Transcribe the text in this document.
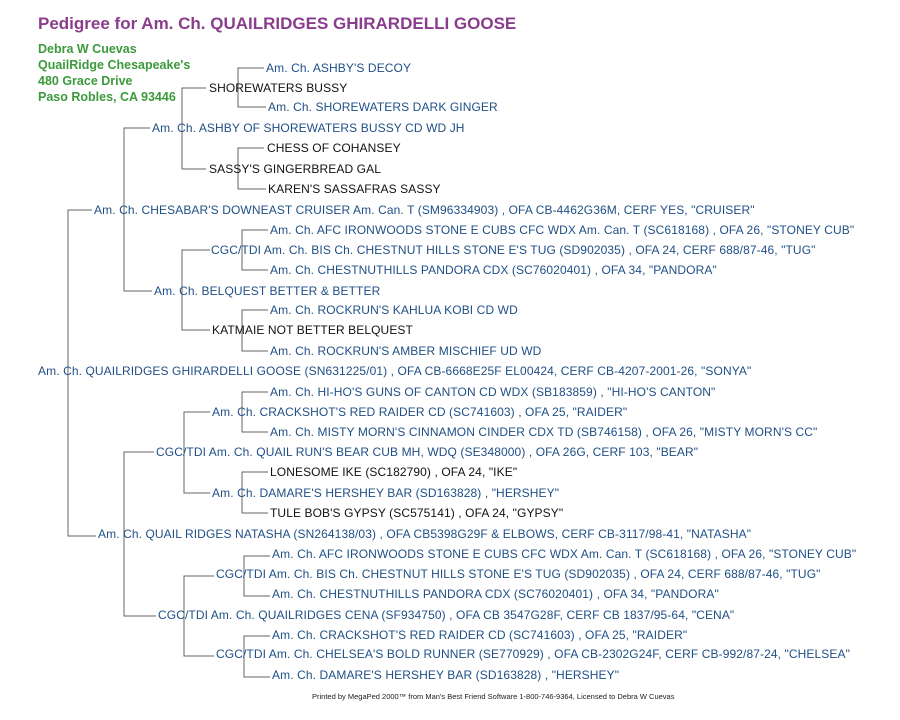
Pedigree for Am. Ch. QUAILRIDGES GHIRARDELLI GOOSE
Debra W Cuevas
QuailRidge Chesapeake's
480 Grace Drive
Paso Robles, CA 93446
Am. Ch. ASHBY'S DECOY
SHOREWATERS BUSSY
Am. Ch. SHOREWATERS DARK GINGER
Am. Ch. ASHBY OF SHOREWATERS BUSSY CD WD JH
CHESS OF COHANSEY
SASSY'S GINGERBREAD GAL
KAREN'S SASSAFRAS SASSY
Am. Ch. CHESABAR'S DOWNEAST CRUISER Am. Can. T (SM96334903) , OFA CB-4462G36M, CERF YES, "CRUISER"
Am. Ch. AFC IRONWOODS STONE E CUBS CFC WDX Am. Can. T (SC618168) , OFA 26, "STONEY CUB"
CGC/TDI Am. Ch. BIS Ch. CHESTNUT HILLS STONE E'S TUG (SD902035) , OFA 24, CERF 688/87-46, "TUG"
Am. Ch. CHESTNUTHILLS PANDORA CDX (SC76020401) , OFA 34, "PANDORA"
Am. Ch. BELQUEST BETTER & BETTER
Am. Ch. ROCKRUN'S KAHLUA KOBI CD WD
KATMAIE NOT BETTER BELQUEST
Am. Ch. ROCKRUN'S AMBER MISCHIEF UD WD
Am. Ch. QUAILRIDGES GHIRARDELLI GOOSE (SN631225/01) , OFA CB-6668E25F EL00424, CERF CB-4207-2001-26, "SONYA"
Am. Ch. HI-HO'S GUNS OF CANTON CD WDX (SB183859) , "HI-HO'S CANTON"
Am. Ch. CRACKSHOT'S RED RAIDER CD (SC741603) , OFA 25, "RAIDER"
Am. Ch. MISTY MORN'S CINNAMON CINDER CDX TD (SB746158) , OFA 26, "MISTY MORN'S CC"
CGC/TDI Am. Ch. QUAIL RUN'S BEAR CUB MH, WDQ (SE348000) , OFA 26G, CERF 103, "BEAR"
LONESOME IKE (SC182790) , OFA 24, "IKE"
Am. Ch. DAMARE'S HERSHEY BAR (SD163828) , "HERSHEY"
TULE BOB'S GYPSY (SC575141) , OFA 24, "GYPSY"
Am. Ch. QUAIL RIDGES NATASHA (SN264138/03) , OFA CB5398G29F & ELBOWS, CERF CB-3117/98-41, "NATASHA"
Am. Ch. AFC IRONWOODS STONE E CUBS CFC WDX Am. Can. T (SC618168) , OFA 26, "STONEY CUB"
CGC/TDI Am. Ch. BIS Ch. CHESTNUT HILLS STONE E'S TUG (SD902035) , OFA 24, CERF 688/87-46, "TUG"
Am. Ch. CHESTNUTHILLS PANDORA CDX (SC76020401) , OFA 34, "PANDORA"
CGC/TDI Am. Ch. QUAILRIDGES CENA (SF934750) , OFA CB 3547G28F, CERF CB 1837/95-64, "CENA"
Am. Ch. CRACKSHOT'S RED RAIDER CD (SC741603) , OFA 25, "RAIDER"
CGC/TDI Am. Ch. CHELSEA'S BOLD RUNNER (SE770929) , OFA CB-2302G24F, CERF CB-992/87-24, "CHELSEA"
Am. Ch. DAMARE'S HERSHEY BAR (SD163828) , "HERSHEY"
Printed by MegaPed 2000™ from Man's Best Friend Software 1-800-746-9364, Licensed to Debra W Cuevas
